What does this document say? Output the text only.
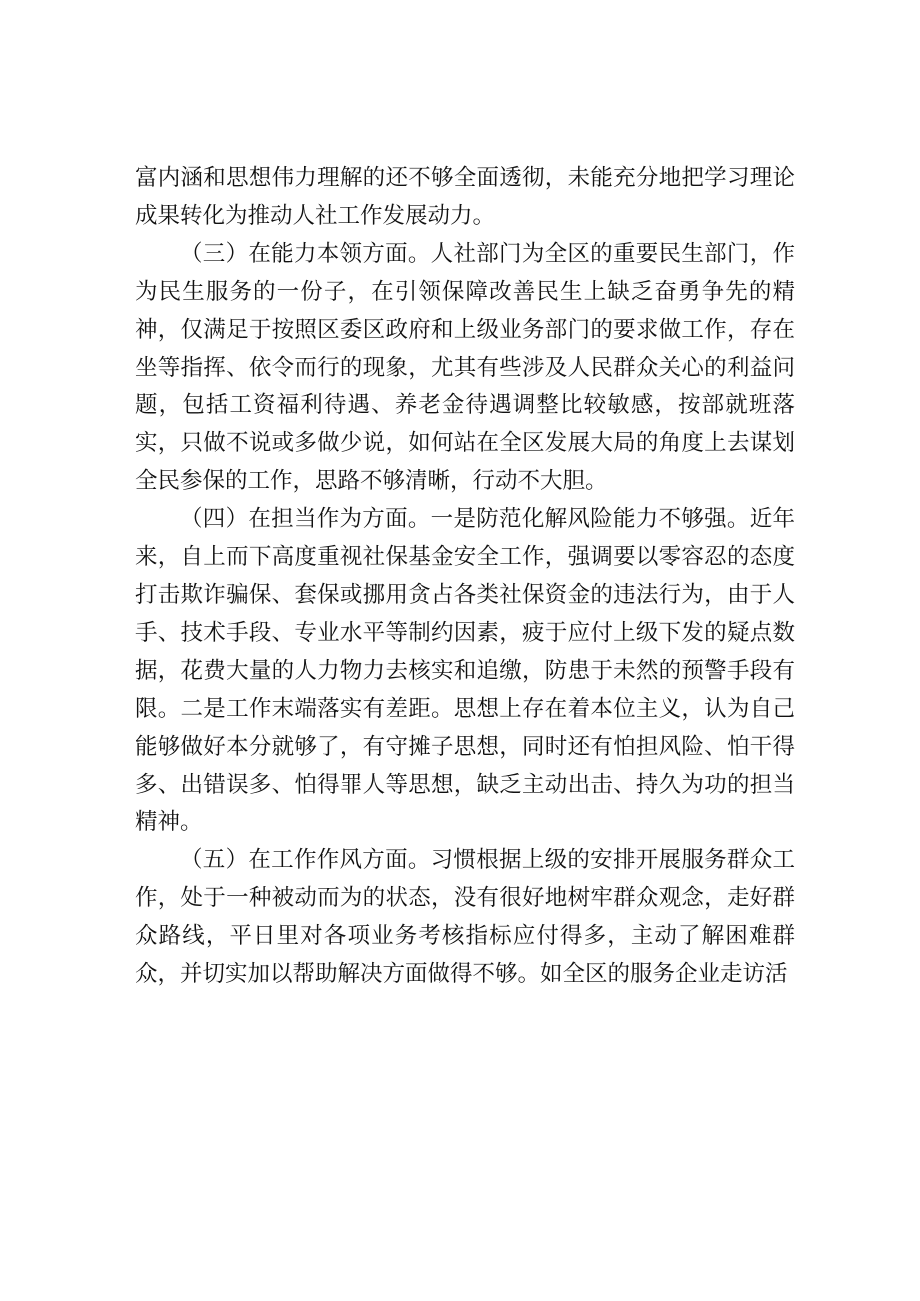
富内涵和思想伟力理解的还不够全面透彻，未能充分地把学习理论成果转化为推动人社工作发展动力。

（三）在能力本领方面。人社部门为全区的重要民生部门，作为民生服务的一份子，在引领保障改善民生上缺乏奋勇争先的精神，仅满足于按照区委区政府和上级业务部门的要求做工作，存在坐等指挥、依令而行的现象，尤其有些涉及人民群众关心的利益问题，包括工资福利待遇、养老金待遇调整比较敏感，按部就班落实，只做不说或多做少说，如何站在全区发展大局的角度上去谋划全民参保的工作，思路不够清晰，行动不大胆。

（四）在担当作为方面。一是防范化解风险能力不够强。近年来，自上而下高度重视社保基金安全工作，强调要以零容忍的态度打击欺诈骗保、套保或挪用贪占各类社保资金的违法行为，由于人手、技术手段、专业水平等制约因素，疲于应付上级下发的疑点数据，花费大量的人力物力去核实和追缴，防患于未然的预警手段有限。二是工作末端落实有差距。思想上存在着本位主义，认为自己能够做好本分就够了，有守摊子思想，同时还有怕担风险、怕干得多、出错误多、怕得罪人等思想，缺乏主动出击、持久为功的担当精神。

（五）在工作作风方面。习惯根据上级的安排开展服务群众工作，处于一种被动而为的状态，没有很好地树牢群众观念，走好群众路线，平日里对各项业务考核指标应付得多，主动了解困难群众，并切实加以帮助解决方面做得不够。如全区的服务企业走访活
